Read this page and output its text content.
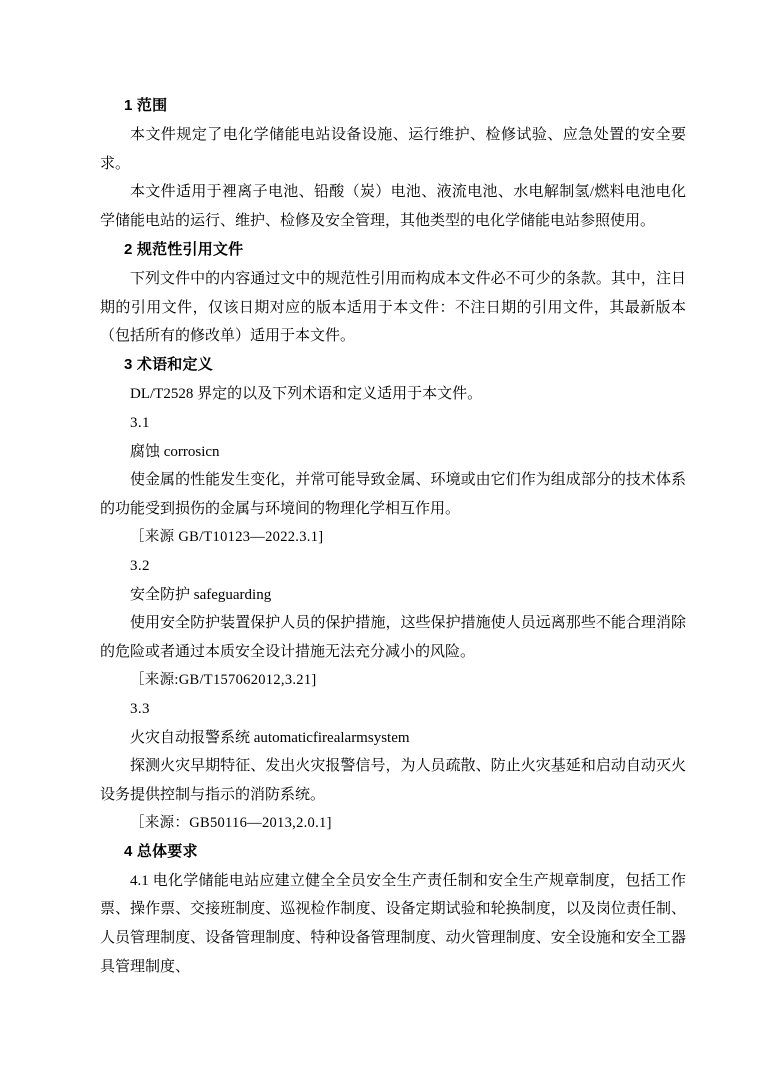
1 范围

本文件规定了电化学储能电站设备设施、运行维护、检修试验、应急处置的安全要求。

本文件适用于裡离子电池、铅酸（炭）电池、液流电池、水电解制氢/燃料电池电化学储能电站的运行、维护、检修及安全管理，其他类型的电化学储能电站参照使用。

2 规范性引用文件

下列文件中的内容通过文中的规范性引用而构成本文件必不可少的条款。其中，注日期的引用文件，仅该日期对应的版本适用于本文件：不注日期的引用文件，其最新版本（包括所有的修改单）适用于本文件。

3 术语和定义

DL/T2528 界定的以及下列术语和定义适用于本文件。

3.1

腐蚀 corrosicn

使金属的性能发生变化，并常可能导致金属、环境或由它们作为组成部分的技术体系的功能受到损伤的金属与环境间的物理化学相互作用。

［来源 GB/T10123—2022.3.1]

3.2

安全防护 safeguarding

使用安全防护装置保护人员的保护措施，这些保护措施使人员远离那些不能合理消除的危险或者通过本质安全设计措施无法充分减小的风险。

［来源:GB/T157062012,3.21]

3.3

火灾自动报警系统 automaticfirealarmsystem

探测火灾早期特征、发出火灾报警信号，为人员疏散、防止火灾基延和启动自动灭火设务提供控制与指示的消防系统。

［来源：GB50116—2013,2.0.1]

4 总体要求

4.1 电化学储能电站应建立健全全员安全生产责任制和安全生产规章制度，包括工作票、操作票、交接班制度、巡视检作制度、设备定期试验和轮换制度，以及岗位责任制、人员管理制度、设备管理制度、特种设备管理制度、动火管理制度、安全设施和安全工器具管理制度、
